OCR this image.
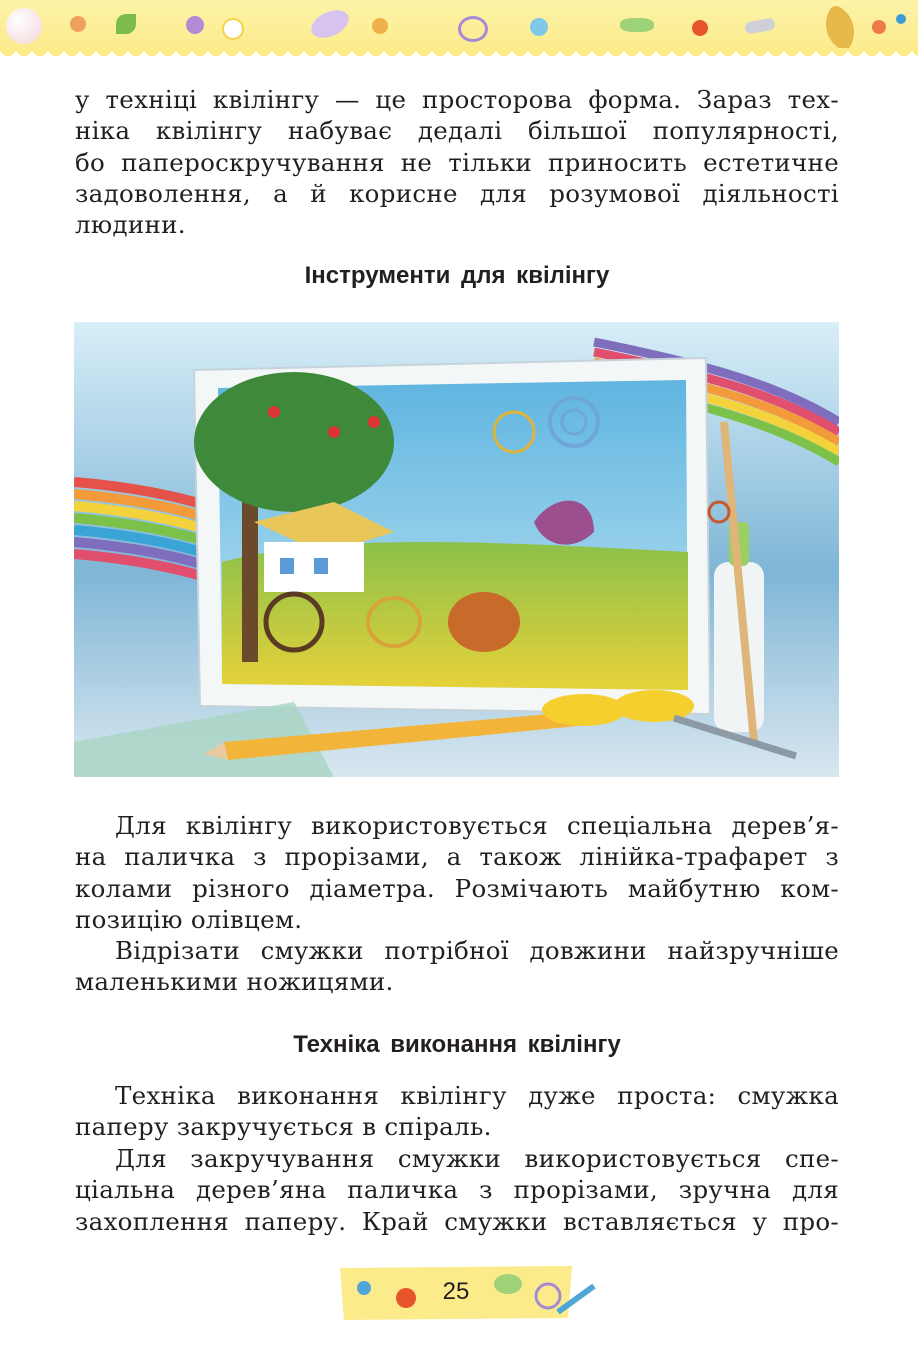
у техніці квілінгу — це просторова форма. Зараз тех-
ніка квілінгу набуває дедалі більшої популярності,
бо папероскручування не тільки приносить естетичне
задоволення, а й корисне для розумової діяльності
людини.
Інструменти для квілінгу
Для квілінгу використовується спеціальна дерев’я-
на паличка з прорізами, а також лінійка-трафарет з
колами різного діаметра. Розмічають майбутню ком-
позицію олівцем.
Відрізати смужки потрібної довжини найзручніше
маленькими ножицями.
Техніка виконання квілінгу
Техніка виконання квілінгу дуже проста: смужка
паперу закручується в спіраль.
Для закручування смужки використовується спе-
ціальна дерев’яна паличка з прорізами, зручна для
захоплення паперу. Край смужки вставляється у про-
25
